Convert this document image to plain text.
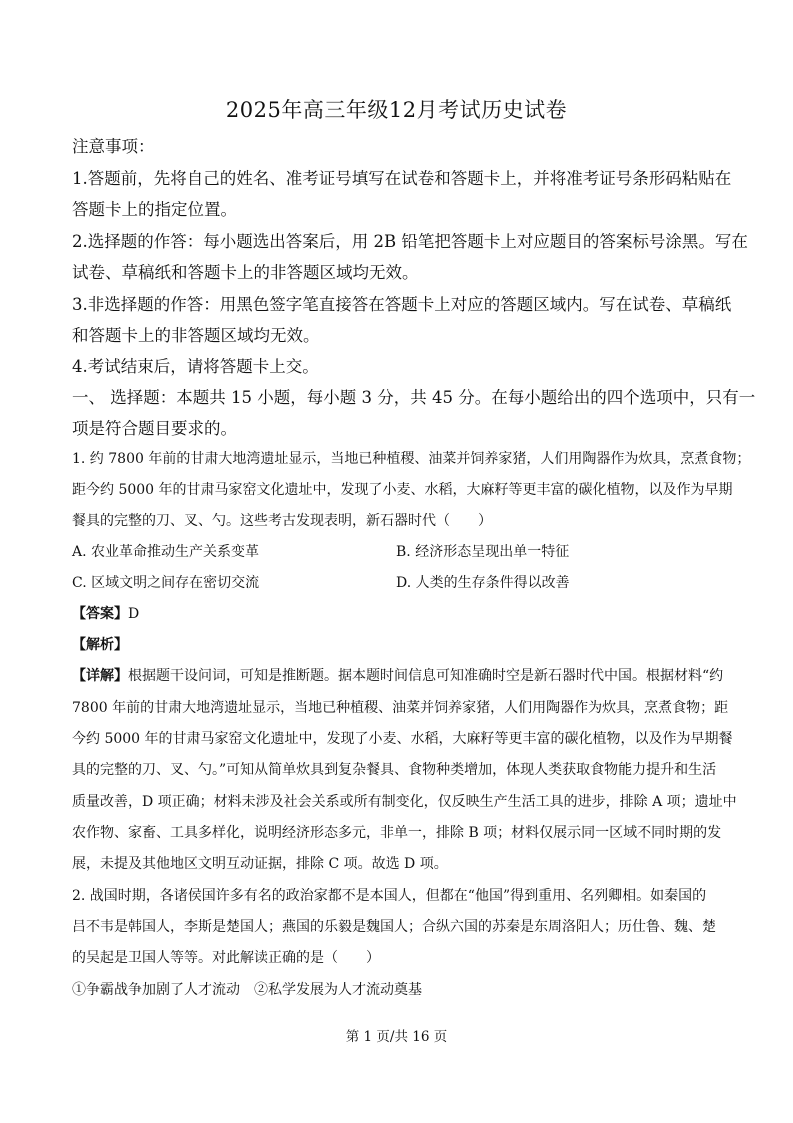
2025年高三年级12月考试历史试卷
注意事项：
1.答题前，先将自己的姓名、准考证号填写在试卷和答题卡上，并将准考证号条形码粘贴在
答题卡上的指定位置。
2.选择题的作答：每小题选出答案后，用 2B 铅笔把答题卡上对应题目的答案标号涂黑。写在
试卷、草稿纸和答题卡上的非答题区域均无效。
3.非选择题的作答：用黑色签字笔直接答在答题卡上对应的答题区域内。写在试卷、草稿纸
和答题卡上的非答题区域均无效。
4.考试结束后，请将答题卡上交。
一、 选择题：本题共 15 小题，每小题 3 分，共 45 分。在每小题给出的四个选项中，只有一
项是符合题目要求的。
1. 约 7800 年前的甘肃大地湾遗址显示，当地已种植稷、油菜并饲养家猪，人们用陶器作为炊具，烹煮食物；
距今约 5000 年的甘肃马家窑文化遗址中，发现了小麦、水稻，大麻籽等更丰富的碳化植物，以及作为早期
餐具的完整的刀、叉、勺。这些考古发现表明，新石器时代（　　）
A. 农业革命推动生产关系变革	B. 经济形态呈现出单一特征
C. 区域文明之间存在密切交流	D. 人类的生存条件得以改善
【答案】D
【解析】
【详解】根据题干设问词，可知是推断题。据本题时间信息可知准确时空是新石器时代中国。根据材料“约
7800 年前的甘肃大地湾遗址显示，当地已种植稷、油菜并饲养家猪，人们用陶器作为炊具，烹煮食物；距
今约 5000 年的甘肃马家窑文化遗址中，发现了小麦、水稻，大麻籽等更丰富的碳化植物，以及作为早期餐
具的完整的刀、叉、勺。”可知从简单炊具到复杂餐具、食物种类增加，体现人类获取食物能力提升和生活
质量改善，D 项正确；材料未涉及社会关系或所有制变化，仅反映生产生活工具的进步，排除 A 项；遗址中
农作物、家畜、工具多样化，说明经济形态多元，非单一，排除 B 项；材料仅展示同一区域不同时期的发
展，未提及其他地区文明互动证据，排除 C 项。故选 D 项。
2. 战国时期，各诸侯国许多有名的政治家都不是本国人，但都在“他国”得到重用、名列卿相。如秦国的
吕不韦是韩国人，李斯是楚国人；燕国的乐毅是魏国人；合纵六国的苏秦是东周洛阳人；历仕鲁、魏、楚
的吴起是卫国人等等。对此解读正确的是（　　）
①争霸战争加剧了人才流动　②私学发展为人才流动奠基
第 1 页/共 16 页
